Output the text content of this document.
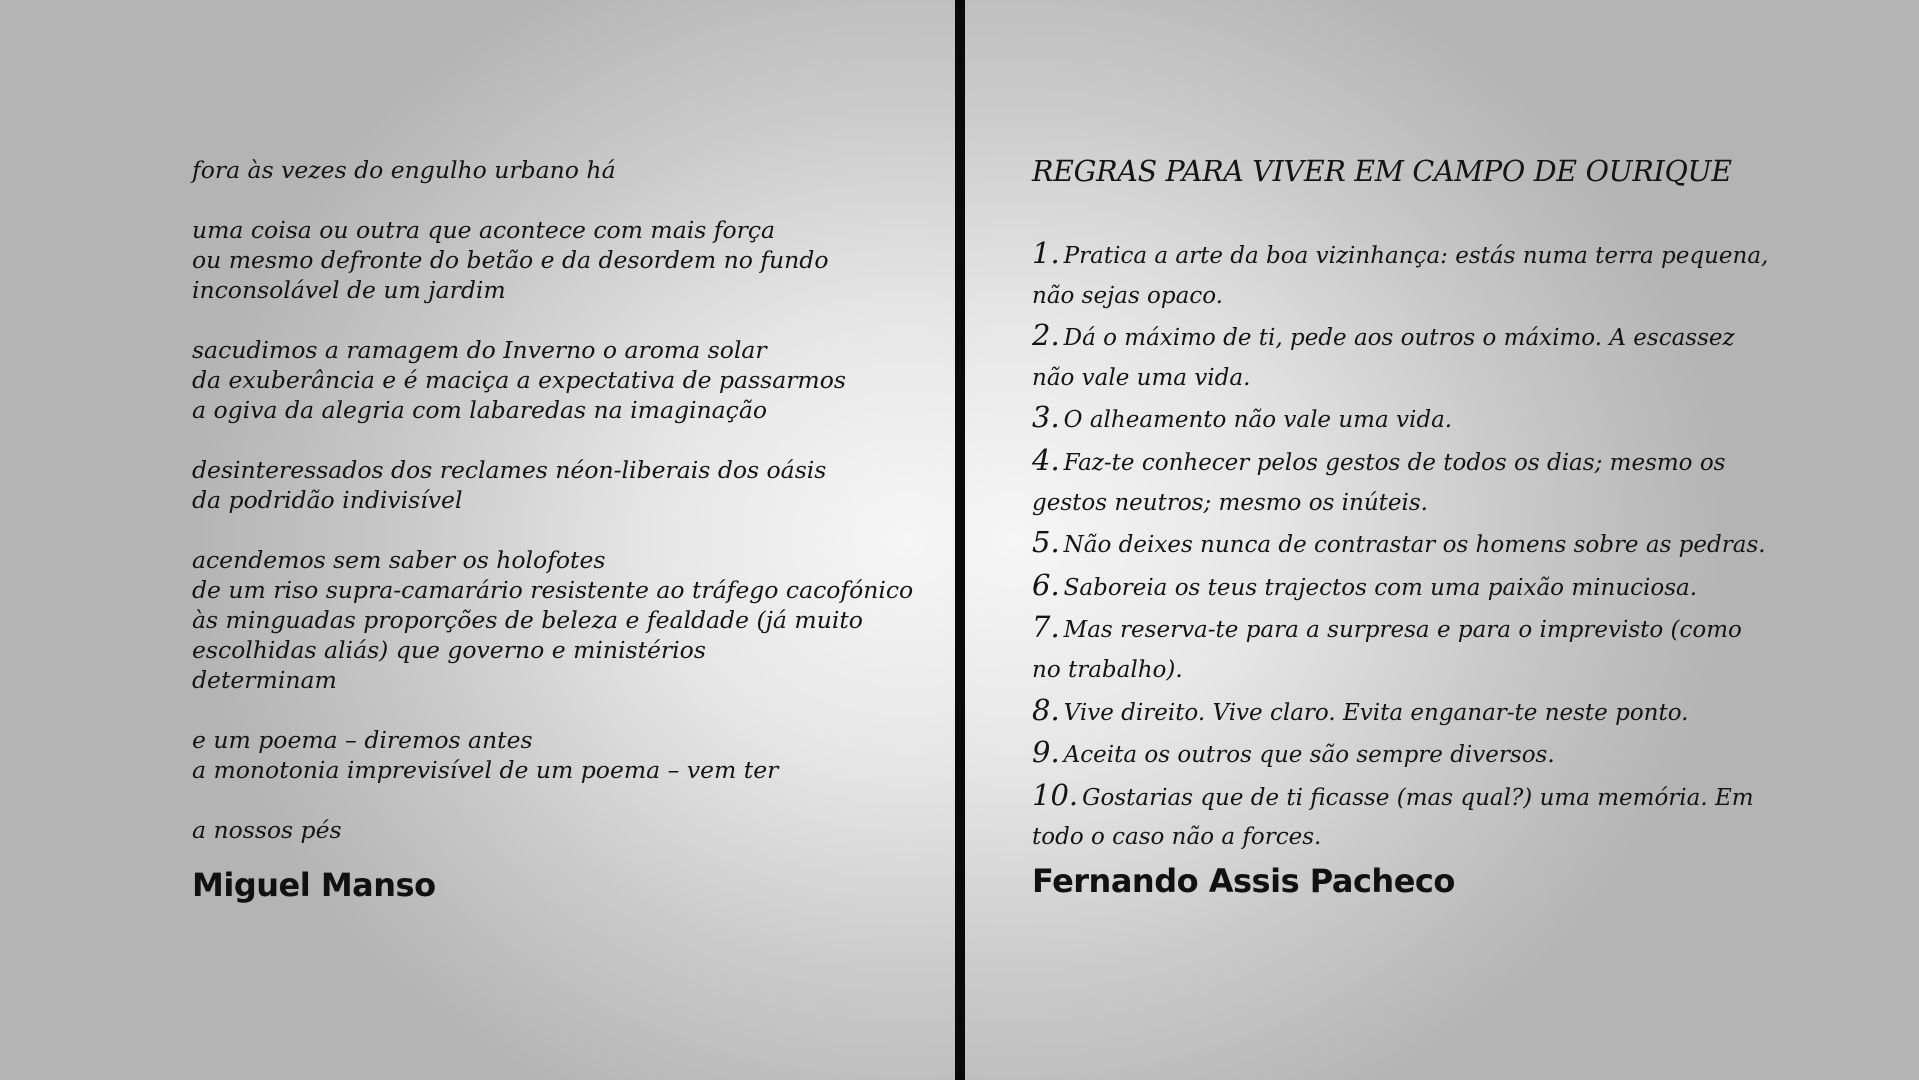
fora às vezes do engulho urbano há
uma coisa ou outra que acontece com mais força
ou mesmo defronte do betão e da desordem no fundo
inconsolável de um jardim
sacudimos a ramagem do Inverno o aroma solar
da exuberância e é maciça a expectativa de passarmos
a ogiva da alegria com labaredas na imaginação
desinteressados dos reclames néon-liberais dos oásis
da podridão indivisível
acendemos sem saber os holofotes
de um riso supra-camarário resistente ao tráfego cacofónico
às minguadas proporções de beleza e fealdade (já muito
escolhidas aliás) que governo e ministérios
determinam
e um poema – diremos antes
a monotonia imprevisível de um poema – vem ter
a nossos pés
Miguel Manso
REGRAS PARA VIVER EM CAMPO DE OURIQUE
1. Pratica a arte da boa vizinhança: estás numa terra pequena,
não sejas opaco.
2. Dá o máximo de ti, pede aos outros o máximo. A escassez
não vale uma vida.
3. O alheamento não vale uma vida.
4. Faz-te conhecer pelos gestos de todos os dias; mesmo os
gestos neutros; mesmo os inúteis.
5. Não deixes nunca de contrastar os homens sobre as pedras.
6. Saboreia os teus trajectos com uma paixão minuciosa.
7. Mas reserva-te para a surpresa e para o imprevisto (como
no trabalho).
8. Vive direito. Vive claro. Evita enganar-te neste ponto.
9. Aceita os outros que são sempre diversos.
10. Gostarias que de ti ficasse (mas qual?) uma memória. Em
todo o caso não a forces.
Fernando Assis Pacheco
